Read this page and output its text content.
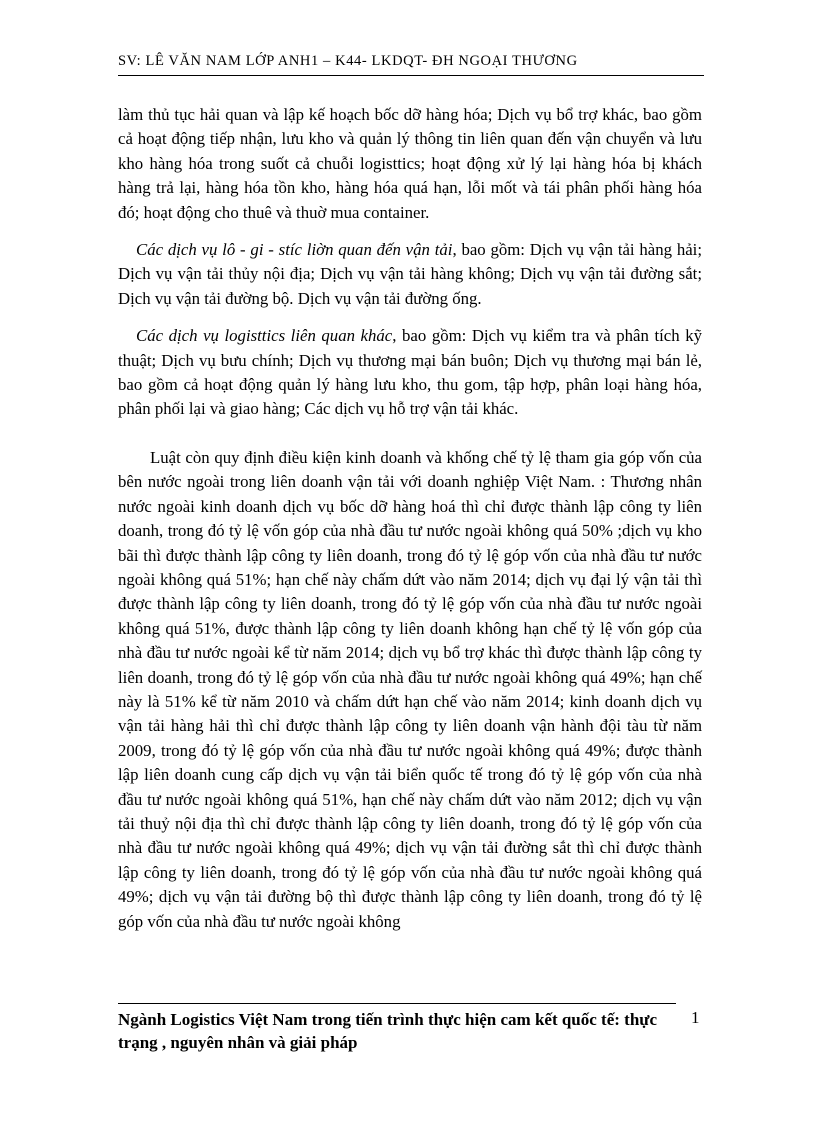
SV: LÊ VĂN NAM LỚP ANH1 – K44- LKDQT- ĐH NGOẠI THƯƠNG

làm thủ tục hải quan và lập kế hoạch bốc dỡ hàng hóa; Dịch vụ bổ trợ khác, bao gồm cả hoạt động tiếp nhận, lưu kho và quản lý thông tin liên quan đến vận chuyển và lưu kho hàng hóa trong suốt cả chuỗi logisttics; hoạt động xử lý lại hàng hóa bị khách hàng trả lại, hàng hóa tồn kho, hàng hóa quá hạn, lỗi mốt và tái phân phối hàng hóa đó; hoạt động cho thuê và thuờ mua container.

Các dịch vụ lô - gi - stíc liờn quan đến vận tải, bao gồm: Dịch vụ vận tải hàng hải; Dịch vụ vận tải thủy nội địa; Dịch vụ vận tải hàng không; Dịch vụ vận tải đường sắt; Dịch vụ vận tải đường bộ. Dịch vụ vận tải đường ống.

Các dịch vụ logisttics liên quan khác, bao gồm: Dịch vụ kiểm tra và phân tích kỹ thuật; Dịch vụ bưu chính; Dịch vụ thương mại bán buôn; Dịch vụ thương mại bán lẻ, bao gồm cả hoạt động quản lý hàng lưu kho, thu gom, tập hợp, phân loại hàng hóa, phân phối lại và giao hàng; Các dịch vụ hỗ trợ vận tải khác.

Luật còn quy định điều kiện kinh doanh và khống chế tỷ lệ tham gia góp vốn của bên nước ngoài trong liên doanh vận tải với doanh nghiệp Việt Nam. : Thương nhân nước ngoài kinh doanh dịch vụ bốc dỡ hàng hoá thì chỉ được thành lập công ty liên doanh, trong đó tỷ lệ vốn góp của nhà đầu tư nước ngoài không quá 50% ;dịch vụ kho bãi thì được thành lập công ty liên doanh, trong đó tỷ lệ góp vốn của nhà đầu tư nước ngoài không quá 51%; hạn chế này chấm dứt vào năm 2014; dịch vụ đại lý vận tải thì được thành lập công ty liên doanh, trong đó tỷ lệ góp vốn của nhà đầu tư nước ngoài không quá 51%, được thành lập công ty liên doanh không hạn chế tỷ lệ vốn góp của nhà đầu tư nước ngoài kể từ năm 2014; dịch vụ bổ trợ khác thì được thành lập công ty liên doanh, trong đó tỷ lệ góp vốn của nhà đầu tư nước ngoài không quá 49%; hạn chế này là 51% kể từ năm 2010 và chấm dứt hạn chế vào năm 2014; kinh doanh dịch vụ vận tải hàng hải thì chỉ được thành lập công ty liên doanh vận hành đội tàu từ năm 2009, trong đó tỷ lệ góp vốn của nhà đầu tư nước ngoài không quá 49%; được thành lập liên doanh cung cấp dịch vụ vận tải biển quốc tế trong đó tỷ lệ góp vốn của nhà đầu tư nước ngoài không quá 51%, hạn chế này chấm dứt vào năm 2012; dịch vụ vận tải thuỷ nội địa thì chỉ được thành lập công ty liên doanh, trong đó tỷ lệ góp vốn của nhà đầu tư nước ngoài không quá 49%; dịch vụ vận tải đường sắt thì chỉ được thành lập công ty liên doanh, trong đó tỷ lệ góp vốn của nhà đầu tư nước ngoài không quá 49%; dịch vụ vận tải đường bộ thì được thành lập công ty liên doanh, trong đó tỷ lệ góp vốn của nhà đầu tư nước ngoài không

Ngành Logistics Việt Nam trong tiến trình thực hiện cam kết quốc tế: thực trạng , nguyên nhân và giải pháp
1
